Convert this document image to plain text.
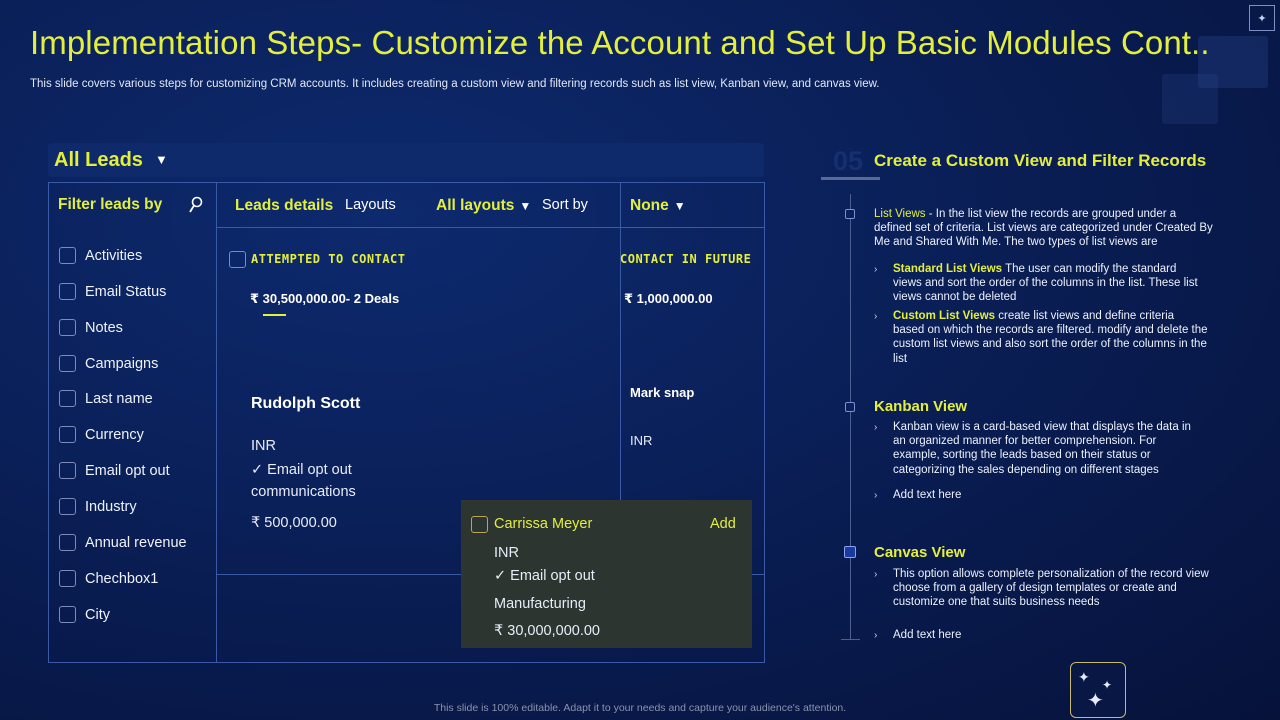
✦
Implementation Steps- Customize the Account and Set Up Basic Modules Cont..
This slide covers various steps for customizing CRM accounts. It includes creating a custom view and filtering records such as list view, Kanban view, and canvas view.
All Leads ▼
Filter leads by
Activities
Email Status
Notes
Campaigns
Last name
Currency
Email opt out
Industry
Annual revenue
Chechbox1
City
Leads details Layouts	All layouts ▼ Sort by	None ▼
ATTEMPTED TO CONTACT
₹ 30,500,000.00- 2 Deals
Rudolph Scott
INR
✓ Email opt out
communications
₹ 500,000.00
CONTACT IN FUTURE
₹ 1,000,000.00
Mark snap
INR
Carrissa Meyer	Add
INR
✓ Email opt out
Manufacturing
₹ 30,000,000.00
05 Create a Custom View and Filter Records
List Views - In the list view the records are grouped under a defined set of criteria. List views are categorized under Created By Me and Shared With Me. The two types of list views are
› Standard List Views The user can modify the standard views and sort the order of the columns in the list. These list views cannot be deleted
› Custom List Views create list views and define criteria based on which the records are filtered. modify and delete the custom list views and also sort the order of the columns in the list
Kanban View
› Kanban view is a card-based view that displays the data in an organized manner for better comprehension. For example, sorting the leads based on their status or categorizing the sales depending on different stages
› Add text here
Canvas View
› This option allows complete personalization of the record view choose from a gallery of design templates or create and customize one that suits business needs
› Add text here
This slide is 100% editable. Adapt it to your needs and capture your audience's attention.
✦ ✦
✦
